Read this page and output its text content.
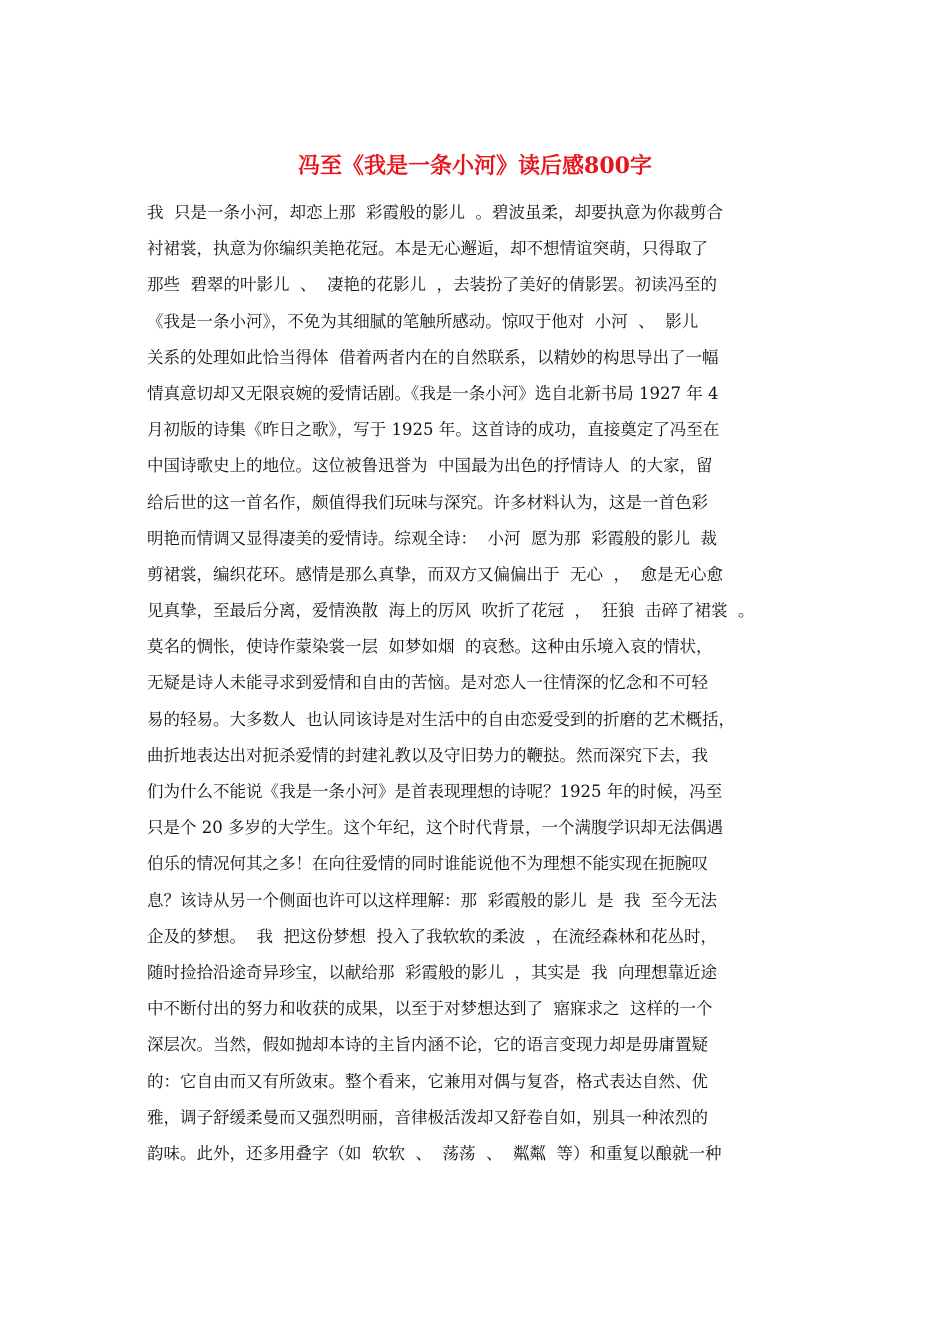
冯至《我是一条小河》读后感800字
我  只是一条小河，却恋上那  彩霞般的影儿  。碧波虽柔，却要执意为你裁剪合
衬裙裳，执意为你编织美艳花冠。本是无心邂逅，却不想情谊突萌，只得取了
那些  碧翠的叶影儿  、  凄艳的花影儿  ，去装扮了美好的倩影罢。初读冯至的
《我是一条小河》，不免为其细腻的笔触所感动。惊叹于他对  小河  、  影儿
关系的处理如此恰当得体  借着两者内在的自然联系，以精妙的构思导出了一幅
情真意切却又无限哀婉的爱情话剧。《我是一条小河》选自北新书局 1927 年 4
月初版的诗集《昨日之歌》，写于 1925 年。这首诗的成功，直接奠定了冯至在
中国诗歌史上的地位。这位被鲁迅誉为  中国最为出色的抒情诗人  的大家，留
给后世的这一首名作，颇值得我们玩味与深究。许多材料认为，这是一首色彩
明艳而情调又显得凄美的爱情诗。综观全诗：  小河  愿为那  彩霞般的影儿  裁
剪裙裳，编织花环。感情是那么真挚，而双方又偏偏出于  无心  ，  愈是无心愈
见真挚，至最后分离，爱情涣散  海上的厉风  吹折了花冠  ，  狂狼  击碎了裙裳  。
莫名的惆怅，使诗作蒙染裳一层  如梦如烟  的哀愁。这种由乐境入哀的情状，
无疑是诗人未能寻求到爱情和自由的苦恼。是对恋人一往情深的忆念和不可轻
易的轻易。大多数人  也认同该诗是对生活中的自由恋爱受到的折磨的艺术概括，
曲折地表达出对扼杀爱情的封建礼教以及守旧势力的鞭挞。然而深究下去，我
们为什么不能说《我是一条小河》是首表现理想的诗呢？1925 年的时候，冯至
只是个 20 多岁的大学生。这个年纪，这个时代背景，一个满腹学识却无法偶遇
伯乐的情况何其之多！在向往爱情的同时谁能说他不为理想不能实现在扼腕叹
息？该诗从另一个侧面也许可以这样理解：那  彩霞般的影儿  是  我  至今无法
企及的梦想。  我  把这份梦想  投入了我软软的柔波  ，在流经森林和花丛时，
随时捡拾沿途奇异珍宝，以献给那  彩霞般的影儿  ，其实是  我  向理想靠近途
中不断付出的努力和收获的成果，以至于对梦想达到了  寤寐求之  这样的一个
深层次。当然，假如抛却本诗的主旨内涵不论，它的语言变现力却是毋庸置疑
的：它自由而又有所敛束。整个看来，它兼用对偶与复沓，格式表达自然、优
雅，调子舒缓柔曼而又强烈明丽，音律极活泼却又舒卷自如，别具一种浓烈的
韵味。此外，还多用叠字（如  软软  、  荡荡  、  粼粼  等）和重复以酿就一种
